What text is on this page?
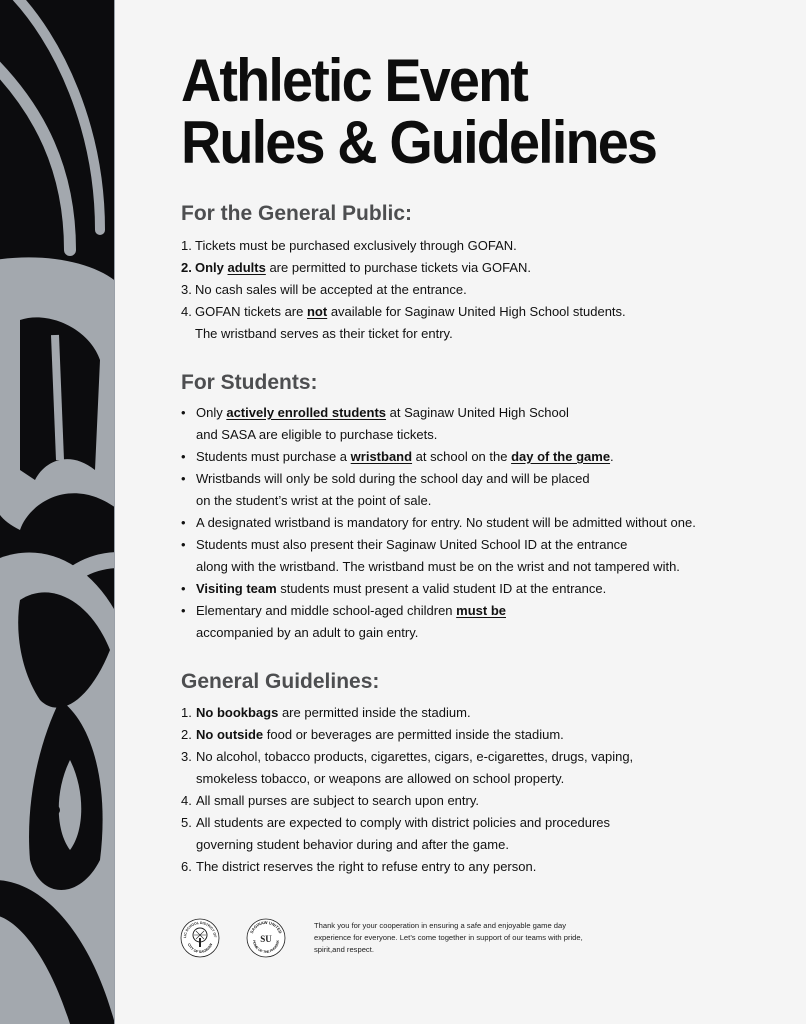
Athletic Event
Rules & Guidelines
For the General Public:
1. Tickets must be purchased exclusively through GOFAN.
2. Only adults are permitted to purchase tickets via GOFAN.
3. No cash sales will be accepted at the entrance.
4. GOFAN tickets are not available for Saginaw United High School students.
The wristband serves as their ticket for entry.
For Students:
• Only actively enrolled students at Saginaw United High School
and SASA are eligible to purchase tickets.
• Students must purchase a wristband at school on the day of the game.
• Wristbands will only be sold during the school day and will be placed
on the student’s wrist at the point of sale.
• A designated wristband is mandatory for entry. No student will be admitted without one.
• Students must also present their Saginaw United School ID at the entrance
along with the wristband. The wristband must be on the wrist and not tampered with.
• Visiting team students must present a valid student ID at the entrance.
• Elementary and middle school-aged children must be
accompanied by an adult to gain entry.
General Guidelines:
1. No bookbags are permitted inside the stadium.
2. No outside food or beverages are permitted inside the stadium.
3. No alcohol, tobacco products, cigarettes, cigars, e-cigarettes, drugs, vaping,
smokeless tobacco, or weapons are allowed on school property.
4. All small purses are subject to search upon entry.
5. All students are expected to comply with district policies and procedures
governing student behavior during and after the game.
6. The district reserves the right to refuse entry to any person.
LIC SCHOOL DISTRICT OF
CITY OF SAGINAW
SAGINAW UNITED
HOME OF THE PHOENIX
SU
Thank you for your cooperation in ensuring a safe and enjoyable game day experience for everyone. Let’s come together in support of our teams with pride, spirit,and respect.
